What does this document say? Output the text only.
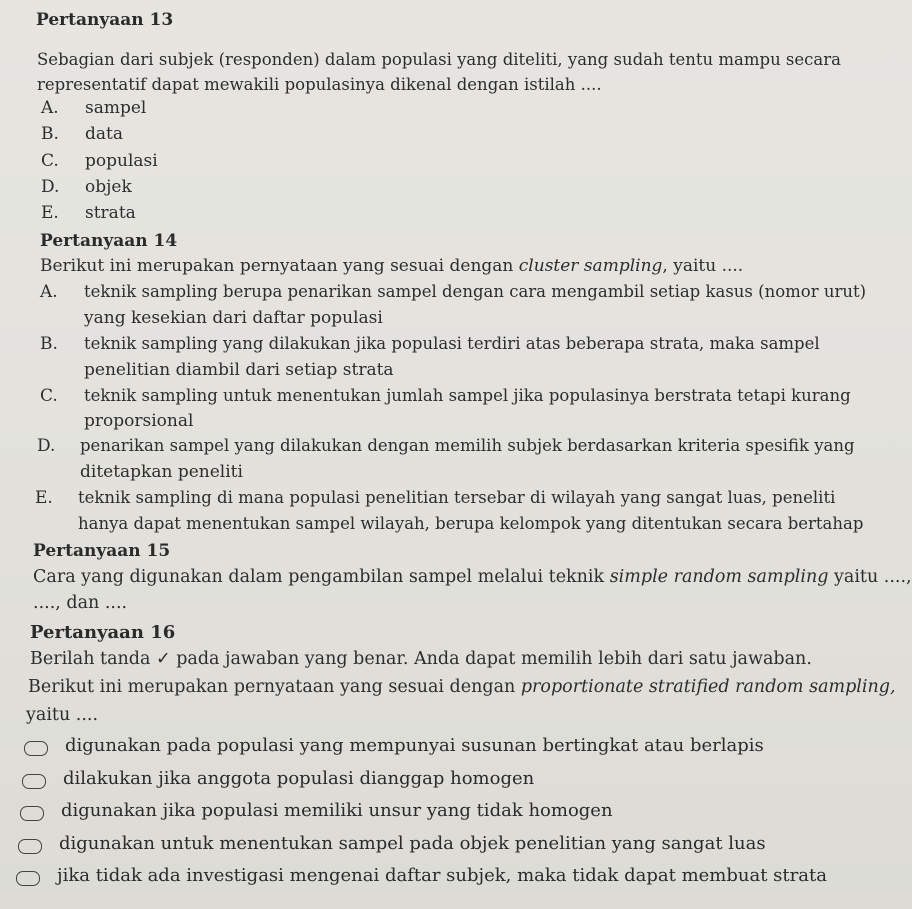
Pertanyaan 13
Sebagian dari subjek (responden) dalam populasi yang diteliti, yang sudah tentu mampu secara
representatif dapat mewakili populasinya dikenal dengan istilah ....
A. sampel
B. data
C. populasi
D. objek
E. strata
Pertanyaan 14
Berikut ini merupakan pernyataan yang sesuai dengan cluster sampling, yaitu ....
A. teknik sampling berupa penarikan sampel dengan cara mengambil setiap kasus (nomor urut)
yang kesekian dari daftar populasi
B. teknik sampling yang dilakukan jika populasi terdiri atas beberapa strata, maka sampel
penelitian diambil dari setiap strata
C. teknik sampling untuk menentukan jumlah sampel jika populasinya berstrata tetapi kurang
proporsional
D. penarikan sampel yang dilakukan dengan memilih subjek berdasarkan kriteria spesifik yang
ditetapkan peneliti
E. teknik sampling di mana populasi penelitian tersebar di wilayah yang sangat luas, peneliti
hanya dapat menentukan sampel wilayah, berupa kelompok yang ditentukan secara bertahap
Pertanyaan 15
Cara yang digunakan dalam pengambilan sampel melalui teknik simple random sampling yaitu ....,
...., dan ....
Pertanyaan 16
Berilah tanda ✓ pada jawaban yang benar. Anda dapat memilih lebih dari satu jawaban.
Berikut ini merupakan pernyataan yang sesuai dengan proportionate stratified random sampling,
yaitu ....
digunakan pada populasi yang mempunyai susunan bertingkat atau berlapis
dilakukan jika anggota populasi dianggap homogen
digunakan jika populasi memiliki unsur yang tidak homogen
digunakan untuk menentukan sampel pada objek penelitian yang sangat luas
jika tidak ada investigasi mengenai daftar subjek, maka tidak dapat membuat strata
